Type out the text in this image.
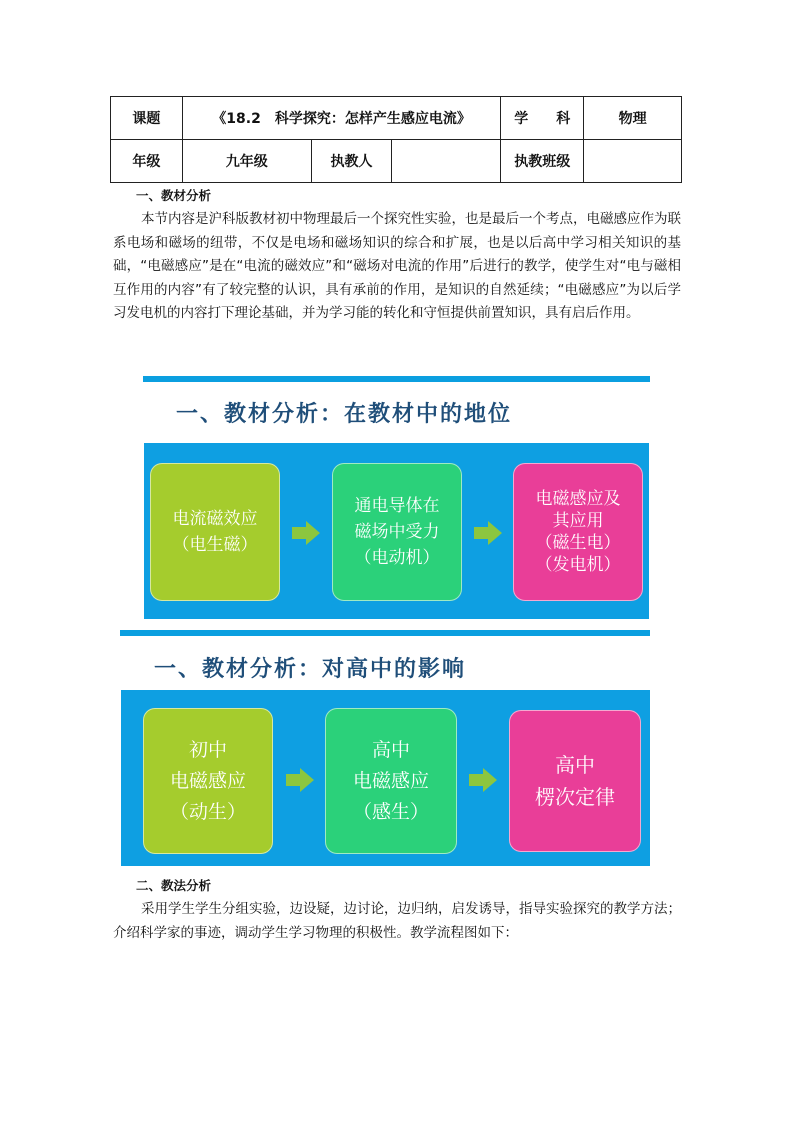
课题	《18.2　科学探究：怎样产生感应电流》			学　　科	物理
年级	九年级	执教人		执教班级	
一、教材分析

本节内容是沪科版教材初中物理最后一个探究性实验，也是最后一个考点，电磁感应作为联系电场和磁场的纽带，不仅是电场和磁场知识的综合和扩展，也是以后高中学习相关知识的基础，“电磁感应”是在“电流的磁效应”和“磁场对电流的作用”后进行的教学，使学生对“电与磁相互作用的内容”有了较完整的认识，具有承前的作用，是知识的自然延续；“电磁感应”为以后学习发电机的内容打下理论基础，并为学习能的转化和守恒提供前置知识，具有启后作用。

一、教材分析：在教材中的地位
电流磁效应
（电生磁）
通电导体在
磁场中受力
（电动机）
电磁感应及
其应用
（磁生电）
（发电机）
一、教材分析：对高中的影响
初中
电磁感应
（动生）
高中
电磁感应
（感生）
高中
楞次定律
二、教法分析

采用学生学生分组实验，边设疑，边讨论，边归纳，启发诱导，指导实验探究的教学方法；介绍科学家的事迹，调动学生学习物理的积极性。教学流程图如下：
